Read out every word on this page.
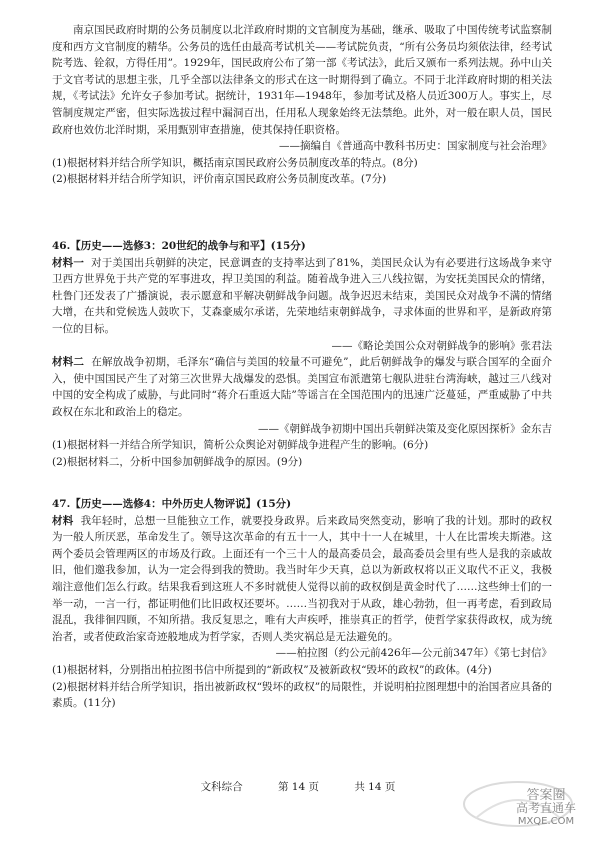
南京国民政府时期的公务员制度以北洋政府时期的文官制度为基础，继承、吸取了中国传统考试监察制度和西方文官制度的精华。公务员的选任由最高考试机关——考试院负责，“所有公务员均须依法律，经考试院考选、铨叙，方得任用”。1929年，国民政府公布了第一部《考试法》，此后又颁布一系列法规。孙中山关于文官考试的思想主张，几乎全部以法律条文的形式在这一时期得到了确立。不同于北洋政府时期的相关法规，《考试法》允许女子参加考试。据统计，1931年—1948年，参加考试及格人员近300万人。事实上，尽管制度规定严密，但实际选拔过程中漏洞百出，任用私人现象始终无法禁绝。此外，对一般在职人员，国民政府也效仿北洋时期，采用甄别审查措施，使其保持任职资格。

——摘编自《普通高中教科书历史：国家制度与社会治理》

(1)根据材料并结合所学知识，概括南京国民政府公务员制度改革的特点。(8分)

(2)根据材料并结合所学知识，评价南京国民政府公务员制度改革。(7分)

46.【历史——选修3：20世纪的战争与和平】(15分)

材料一 对于美国出兵朝鲜的决定，民意调查的支持率达到了81%，美国民众认为有必要进行这场战争来守卫西方世界免于共产党的军事进攻，捍卫美国的利益。随着战争进入三八线拉锯，为安抚美国民众的情绪，杜鲁门还发表了广播演说，表示愿意和平解决朝鲜战争问题。战争迟迟未结束，美国民众对战争不满的情绪大增，在共和党候选人鼓吹下，艾森豪威尔承诺，先荣地结束朝鲜战争，寻求体面的世界和平，是新政府第一位的目标。

——《略论美国公众对朝鲜战争的影响》张君法

材料二 在解放战争初期，毛泽东“确信与美国的较量不可避免”，此后朝鲜战争的爆发与联合国军的全面介入，使中国国民产生了对第三次世界大战爆发的恐惧。美国宣布派遣第七舰队进驻台湾海峡，越过三八线对中国的安全构成了威胁，与此同时“蒋介石重返大陆”等谣言在全国范围内的迅速广泛蔓延，严重威胁了中共政权在东北和政治上的稳定。

——《朝鲜战争初期中国出兵朝鲜决策及变化原因探析》金东吉

(1)根据材料一并结合所学知识，简析公众舆论对朝鲜战争进程产生的影响。(6分)

(2)根据材料二，分析中国参加朝鲜战争的原因。(9分)

47.【历史——选修4：中外历史人物评说】(15分)

材料 我年轻时，总想一旦能独立工作，就要投身政界。后来政局突然变动，影响了我的计划。那时的政权为一般人所厌恶，革命发生了。领导这次革命的有五十一人，其中十一人在城里，十人在比雷埃夫斯港。这两个委员会管理两区的市场及行政。上面还有一个三十人的最高委员会，最高委员会里有些人是我的亲戚故旧，他们邀我参加，认为一定会得到我的赞助。我当时年少天真，总以为新政权将以正义取代不正义，我极端注意他们怎么行政。结果我看到这班人不多时就使人觉得以前的政权倒是黄金时代了……这些绅士们的一举一动，一言一行，都证明他们比旧政权还要坏。……当初我对于从政，雄心勃勃，但一再考虑，看到政局混乱，我徘徊四顾，不知所措。我反复思之，唯有大声疾呼，推崇真正的哲学，使哲学家获得政权，成为统治者，或者使政治家奇迹般地成为哲学家，否则人类灾祸总是无法避免的。

——柏拉图（约公元前426年—公元前347年）《第七封信》

(1)根据材料，分别指出柏拉图书信中所提到的“新政权”及被新政权“毁坏的政权”的政体。(4分)

(2)根据材料并结合所学知识，指出被新政权“毁坏的政权”的局限性，并说明柏拉图理想中的治国者应具备的素质。(11分)

文科综合	第 14 页	共 14 页
答案圈
高考直通车
MXQE.COM
